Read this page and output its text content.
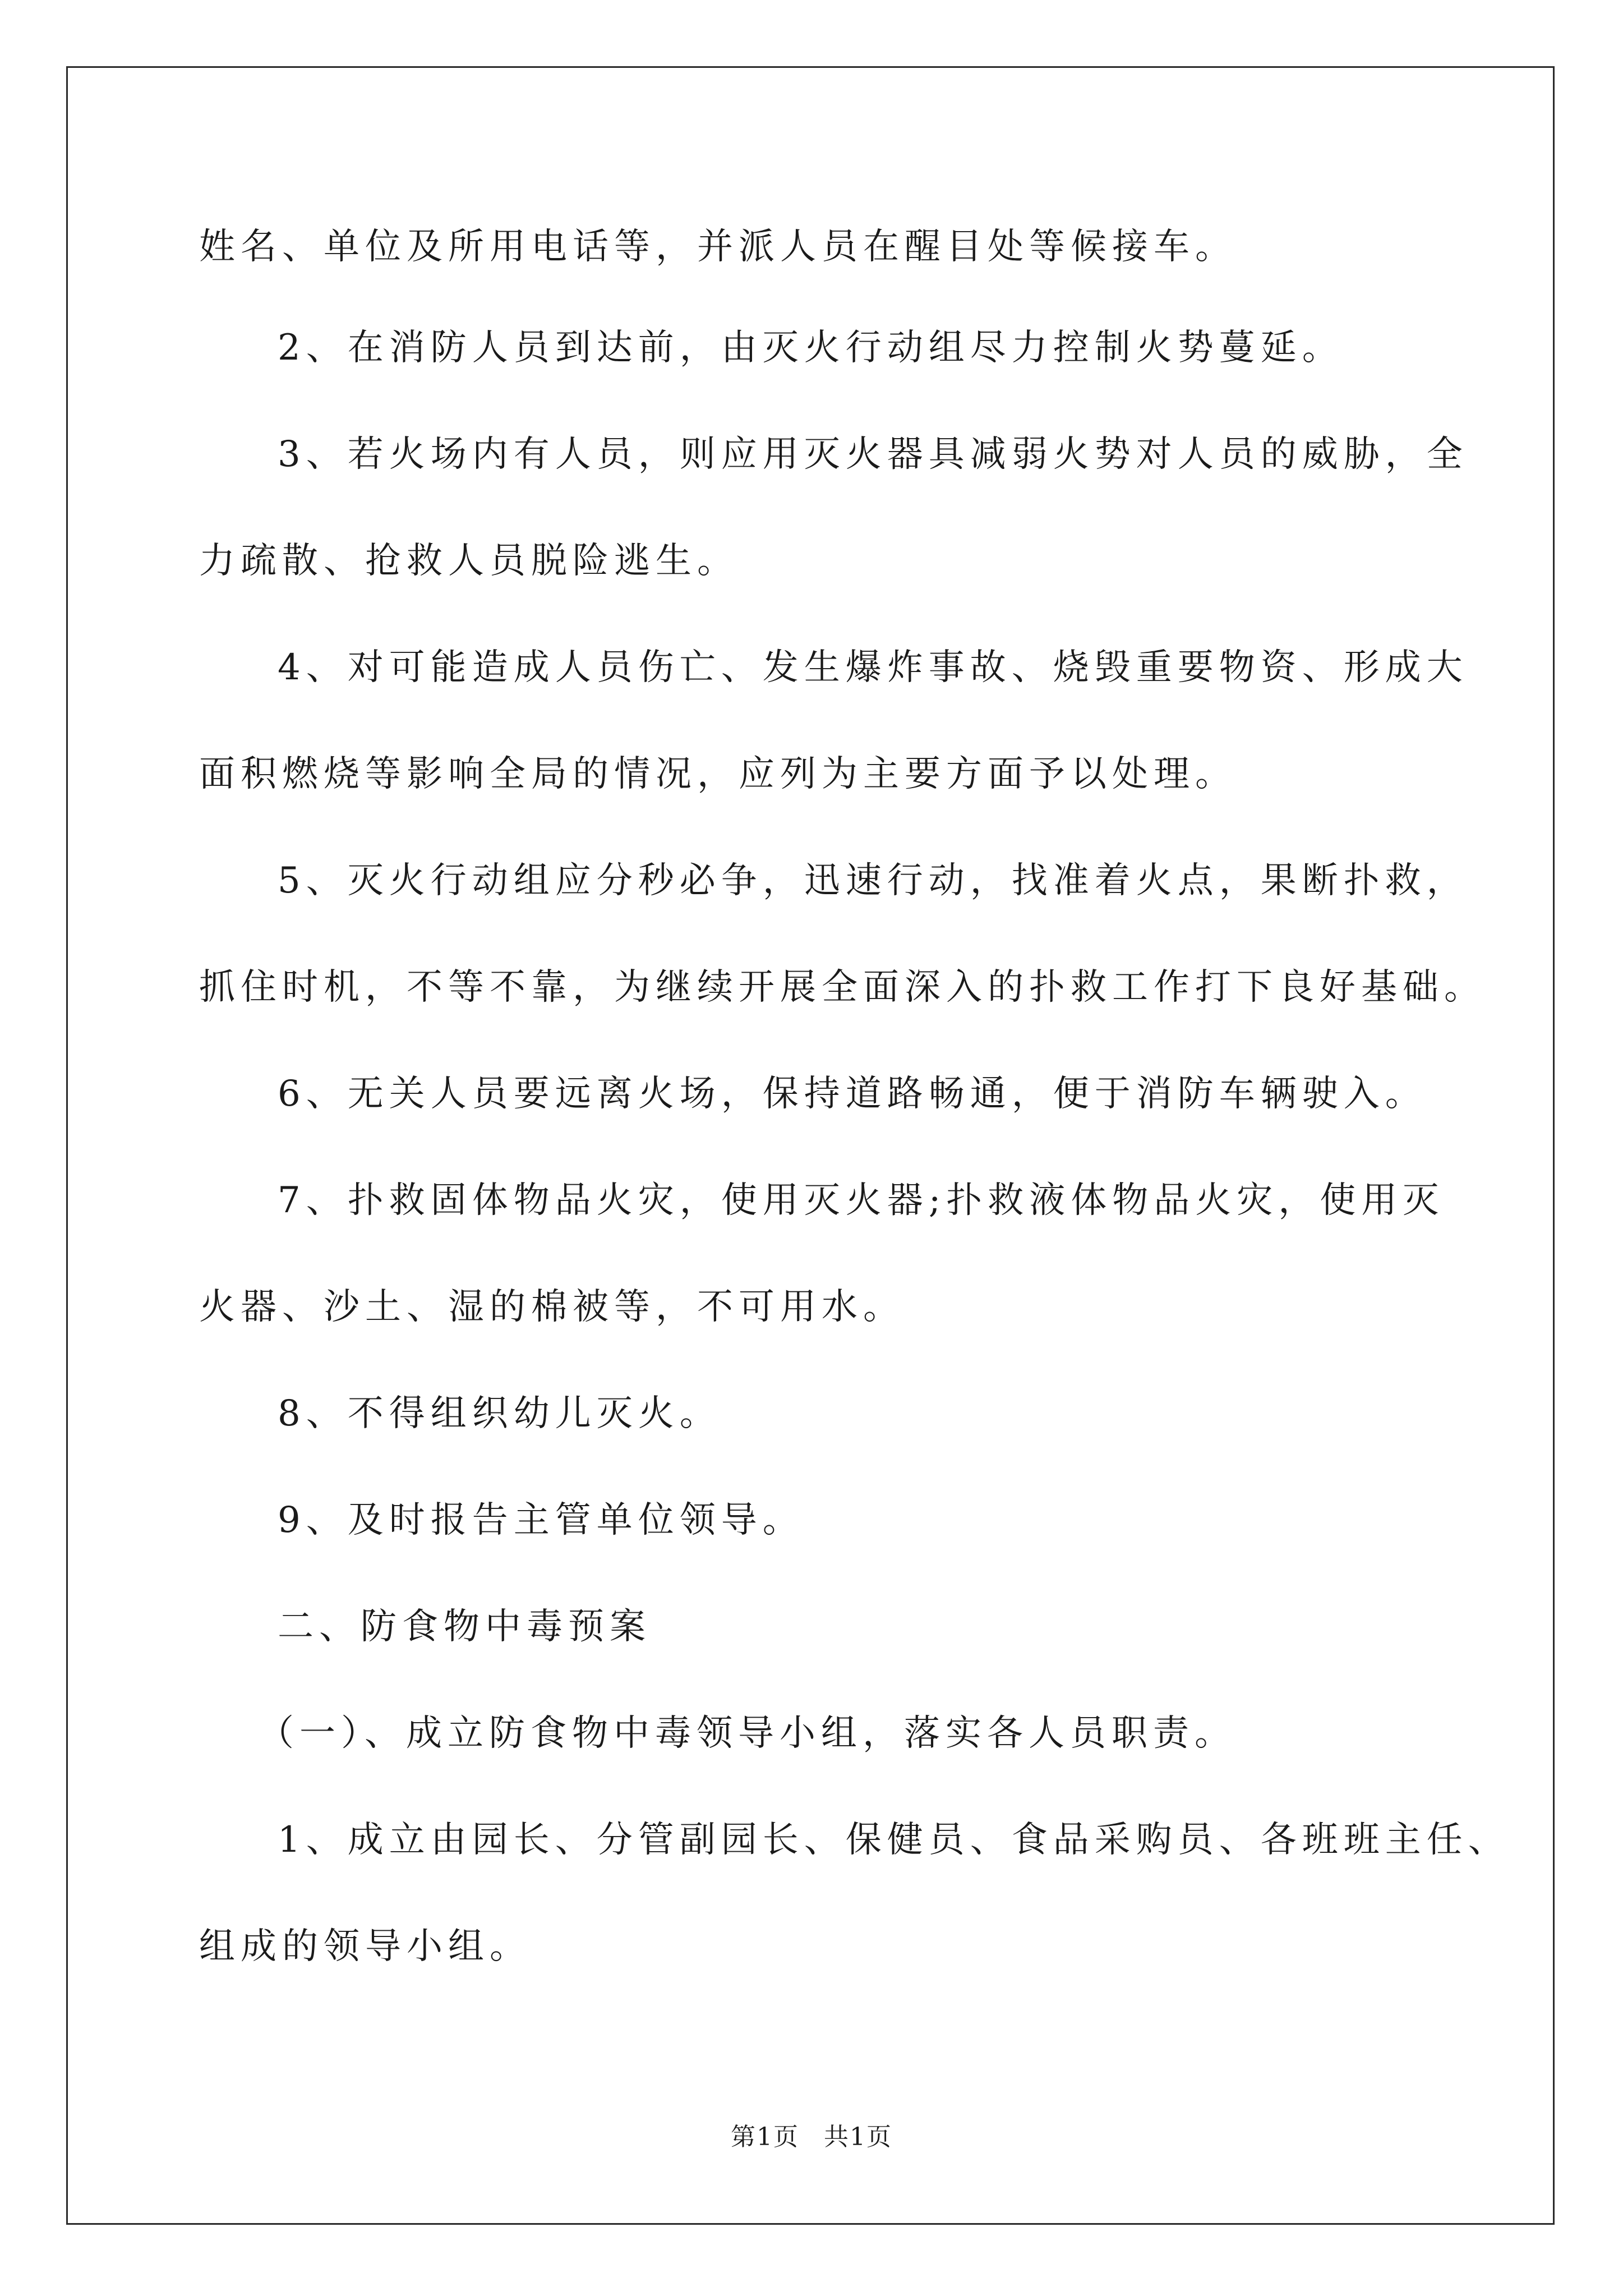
姓名、单位及所用电话等，并派人员在醒目处等候接车。
2、在消防人员到达前，由灭火行动组尽力控制火势蔓延。
3、若火场内有人员，则应用灭火器具减弱火势对人员的威胁，全
力疏散、抢救人员脱险逃生。
4、对可能造成人员伤亡、发生爆炸事故、烧毁重要物资、形成大
面积燃烧等影响全局的情况，应列为主要方面予以处理。
5、灭火行动组应分秒必争，迅速行动，找准着火点，果断扑救，
抓住时机，不等不靠，为继续开展全面深入的扑救工作打下良好基础。
6、无关人员要远离火场，保持道路畅通，便于消防车辆驶入。
7、扑救固体物品火灾，使用灭火器;扑救液体物品火灾，使用灭
火器、沙土、湿的棉被等，不可用水。
8、不得组织幼儿灭火。
9、及时报告主管单位领导。
二、防食物中毒预案
（一）、成立防食物中毒领导小组，落实各人员职责。
1、成立由园长、分管副园长、保健员、食品采购员、各班班主任、
组成的领导小组。
第1页 共1页
